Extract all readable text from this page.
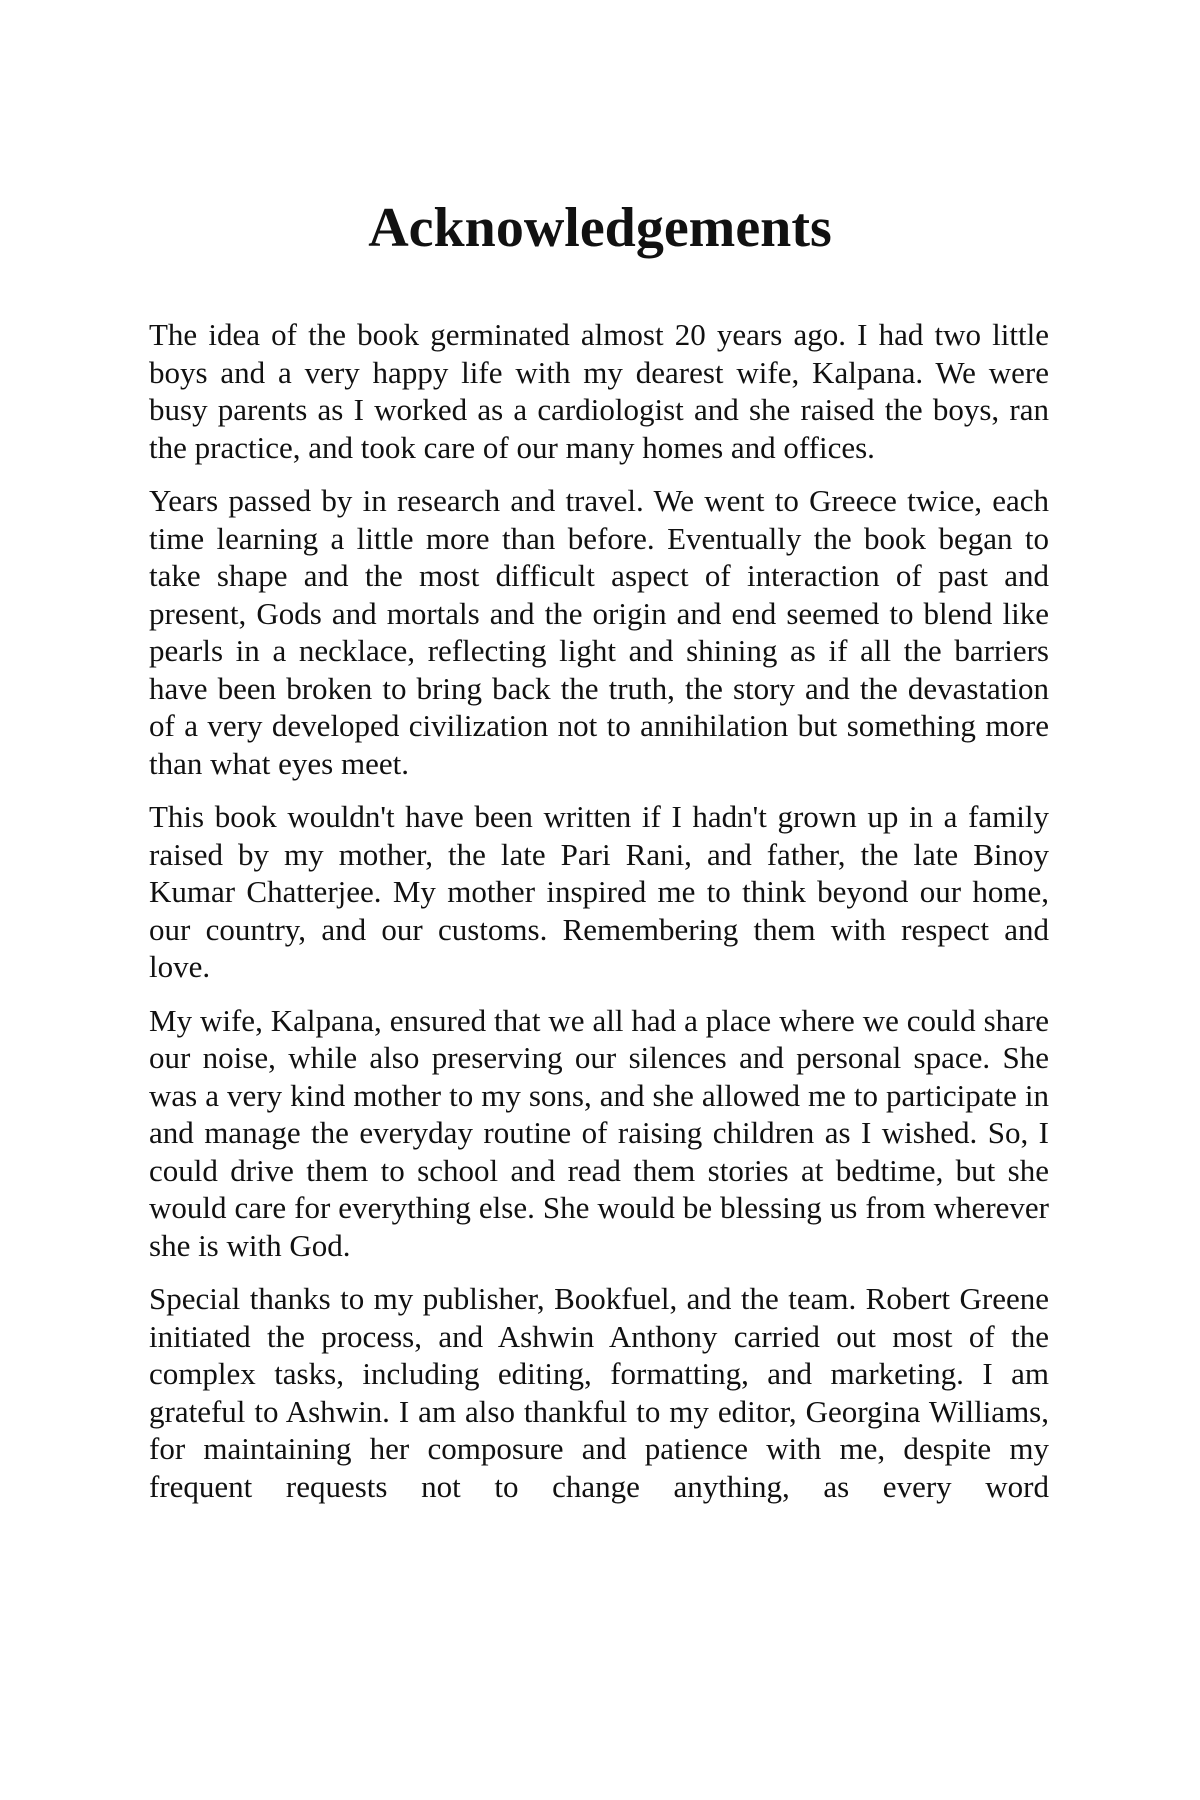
Acknowledgements

The idea of the book germinated almost 20 years ago. I had two little boys and a very happy life with my dearest wife, Kalpana. We were busy parents as I worked as a cardiologist and she raised the boys, ran the practice, and took care of our many homes and offices.

Years passed by in research and travel. We went to Greece twice, each time learning a little more than before. Eventually the book began to take shape and the most difficult aspect of interaction of past and present, Gods and mortals and the origin and end seemed to blend like pearls in a necklace, reflecting light and shining as if all the barriers have been broken to bring back the truth, the story and the devastation of a very developed civilization not to annihilation but something more than what eyes meet.

This book wouldn't have been written if I hadn't grown up in a family raised by my mother, the late Pari Rani, and father, the late Binoy Kumar Chatterjee. My mother inspired me to think beyond our home, our country, and our customs. Remembering them with respect and love.

My wife, Kalpana, ensured that we all had a place where we could share our noise, while also preserving our silences and personal space. She was a very kind mother to my sons, and she allowed me to participate in and manage the everyday routine of raising children as I wished. So, I could drive them to school and read them stories at bedtime, but she would care for everything else. She would be blessing us from wherever she is with God.

Special thanks to my publisher, Bookfuel, and the team. Robert Greene initiated the process, and Ashwin Anthony carried out most of the complex tasks, including editing, formatting, and marketing. I am grateful to Ashwin. I am also thankful to my editor, Georgina Williams, for maintaining her composure and patience with me, despite my frequent requests not to change anything, as every word
